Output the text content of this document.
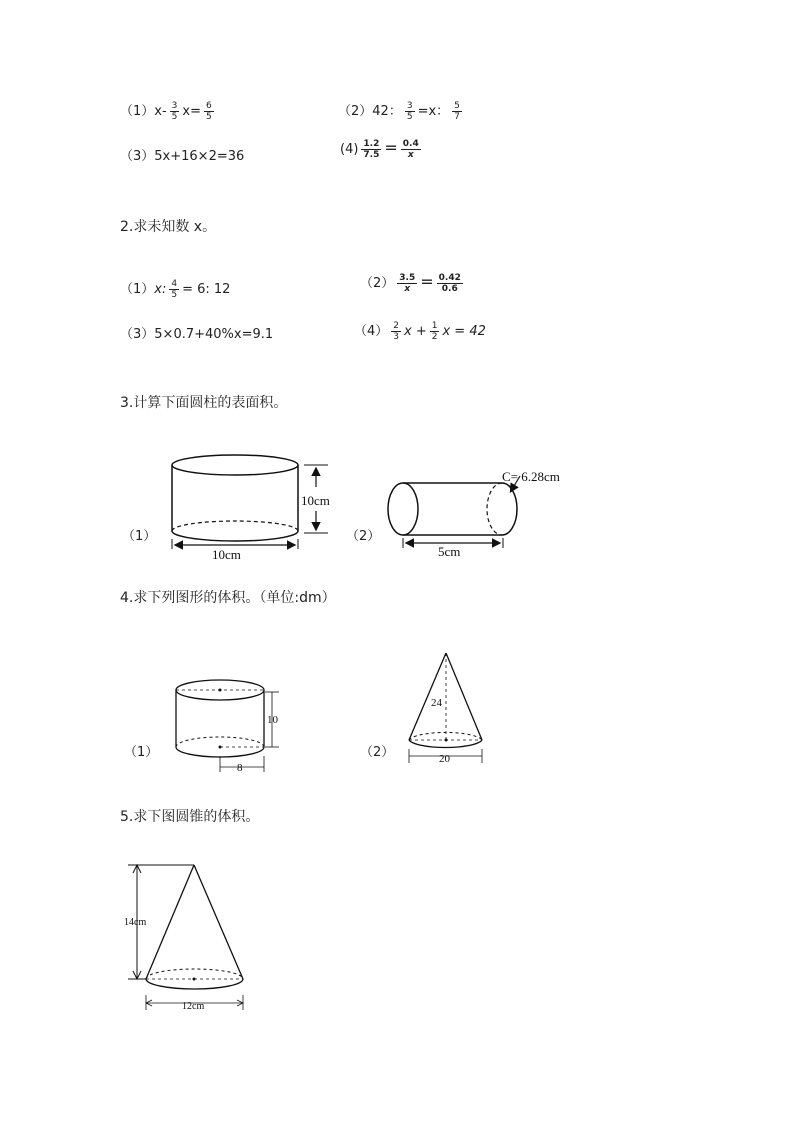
$(1)x- \frac{3}{5} x= \frac{6}{5}$	（2）42： $\frac{3}{5} =x$： $\frac{5}{7}$
（3）5x+16×2=36	$(4) \frac{1.2}{7.5} = \frac{0.4}{x}$
2.求未知数 x。
（1）x: $\frac{4}{5} = 6$: 12	$(2) \frac{3.5}{x} = \frac{0.42}{0.6}$
（3）5×0.7+40%x=9.1	$(4) \frac{2}{3}$ $x + \frac{1}{2}$ x = 42
3.计算下面圆柱的表面积。
（1）	（2）
10cm
10cm
C= 6.28cm
5cm
4.求下列图形的体积。（单位:dm）
（1）	（2）
10
8
24
20
5.求下图圆锥的体积。
14cm
12cm
